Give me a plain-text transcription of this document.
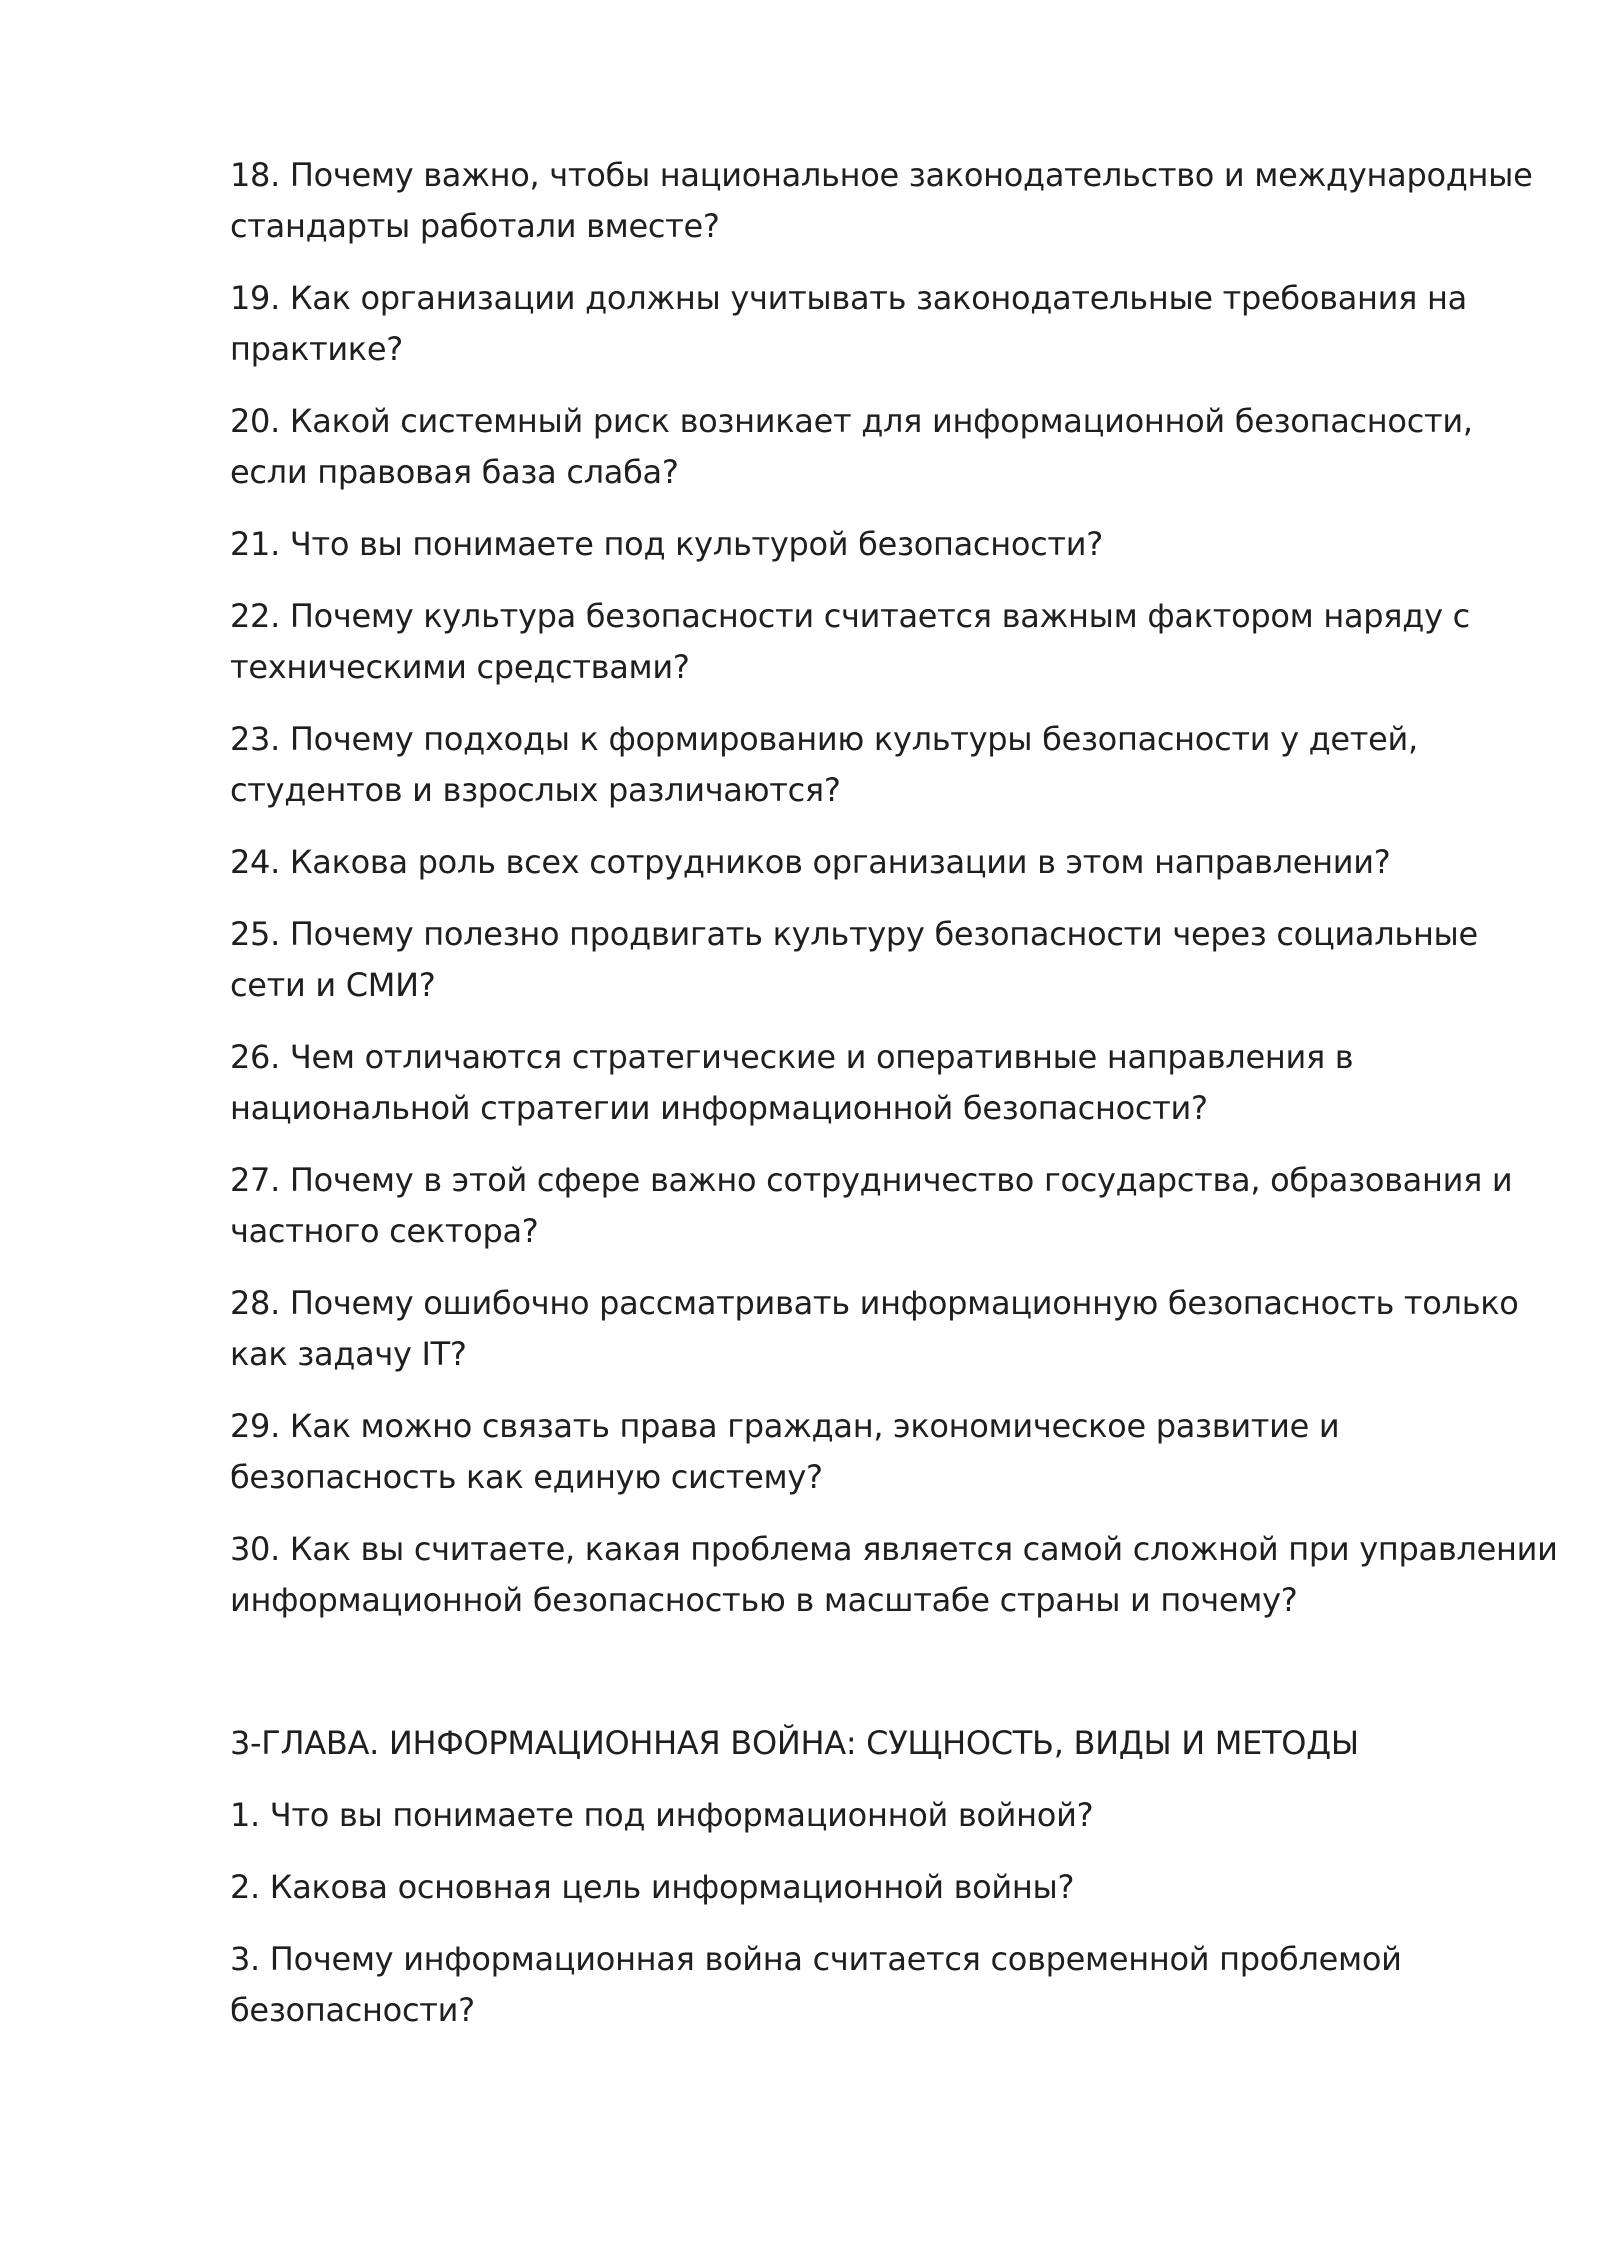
18. Почему важно, чтобы национальное законодательство и международные
стандарты работали вместе?

19. Как организации должны учитывать законодательные требования на
практике?

20. Какой системный риск возникает для информационной безопасности,
если правовая база слаба?

21. Что вы понимаете под культурой безопасности?

22. Почему культура безопасности считается важным фактором наряду с
техническими средствами?

23. Почему подходы к формированию культуры безопасности у детей,
студентов и взрослых различаются?

24. Какова роль всех сотрудников организации в этом направлении?

25. Почему полезно продвигать культуру безопасности через социальные
сети и СМИ?

26. Чем отличаются стратегические и оперативные направления в
национальной стратегии информационной безопасности?

27. Почему в этой сфере важно сотрудничество государства, образования и
частного сектора?

28. Почему ошибочно рассматривать информационную безопасность только
как задачу IT?

29. Как можно связать права граждан, экономическое развитие и
безопасность как единую систему?

30. Как вы считаете, какая проблема является самой сложной при управлении
информационной безопасностью в масштабе страны и почему?

3-ГЛАВА. ИНФОРМАЦИОННАЯ ВОЙНА: СУЩНОСТЬ, ВИДЫ И МЕТОДЫ

1. Что вы понимаете под информационной войной?

2. Какова основная цель информационной войны?

3. Почему информационная война считается современной проблемой
безопасности?
